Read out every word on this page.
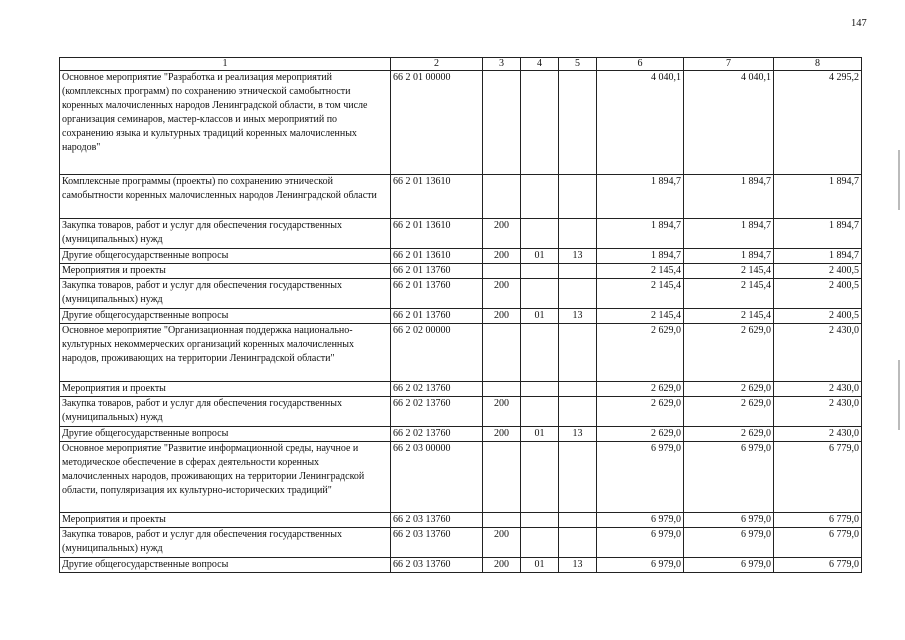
147
1	2	3	4	5	6	7	8
Основное мероприятие "Разработка и реализация мероприятий (комплексных программ) по сохранению этнической самобытности коренных малочисленных народов Ленинградской области, в том числе организация семинаров, мастер-классов и иных мероприятий по сохранению языка и культурных традиций коренных малочисленных народов"	66 2 01 00000				4 040,1	4 040,1	4 295,2
Комплексные программы (проекты) по сохранению этнической самобытности коренных малочисленных народов Ленинградской области	66 2 01 13610				1 894,7	1 894,7	1 894,7
Закупка товаров, работ и услуг для обеспечения государственных (муниципальных) нужд	66 2 01 13610	200			1 894,7	1 894,7	1 894,7
Другие общегосударственные вопросы	66 2 01 13610	200	01	13	1 894,7	1 894,7	1 894,7
Мероприятия и проекты	66 2 01 13760				2 145,4	2 145,4	2 400,5
Закупка товаров, работ и услуг для обеспечения государственных (муниципальных) нужд	66 2 01 13760	200			2 145,4	2 145,4	2 400,5
Другие общегосударственные вопросы	66 2 01 13760	200	01	13	2 145,4	2 145,4	2 400,5
Основное мероприятие "Организационная поддержка национально-культурных некоммерческих организаций коренных малочисленных народов, проживающих на территории Ленинградской области"	66 2 02 00000				2 629,0	2 629,0	2 430,0
Мероприятия и проекты	66 2 02 13760				2 629,0	2 629,0	2 430,0
Закупка товаров, работ и услуг для обеспечения государственных (муниципальных) нужд	66 2 02 13760	200			2 629,0	2 629,0	2 430,0
Другие общегосударственные вопросы	66 2 02 13760	200	01	13	2 629,0	2 629,0	2 430,0
Основное мероприятие "Развитие информационной среды, научное и методическое обеспечение в сферах деятельности коренных малочисленных народов, проживающих на территории Ленинградской области, популяризация их культурно-исторических традиций"	66 2 03 00000				6 979,0	6 979,0	6 779,0
Мероприятия и проекты	66 2 03 13760				6 979,0	6 979,0	6 779,0
Закупка товаров, работ и услуг для обеспечения государственных (муниципальных) нужд	66 2 03 13760	200			6 979,0	6 979,0	6 779,0
Другие общегосударственные вопросы	66 2 03 13760	200	01	13	6 979,0	6 979,0	6 779,0
